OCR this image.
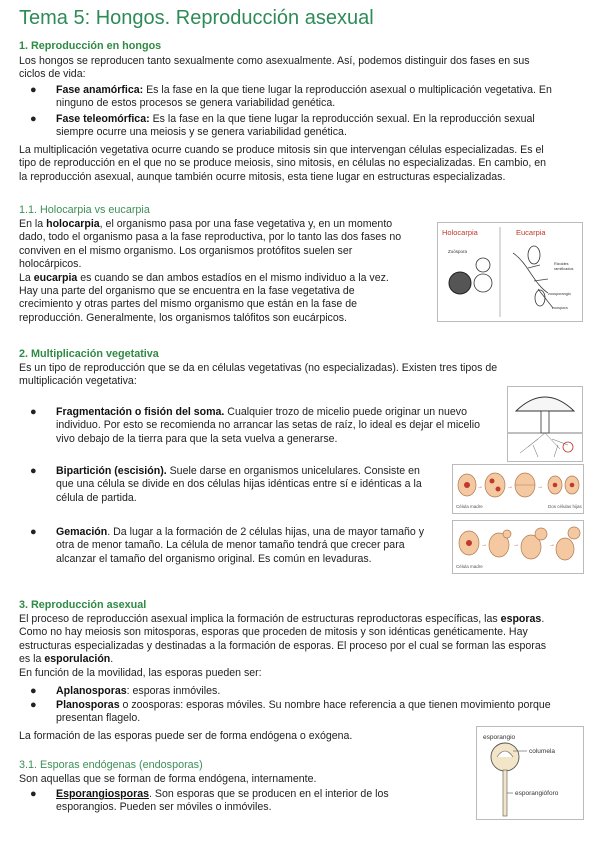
Tema 5: Hongos. Reproducción asexual
1. Reproducción en hongos
Los hongos se reproducen tanto sexualmente como asexualmente. Así, podemos distinguir dos fases en sus
ciclos de vida:
● Fase anamórfica: Es la fase en la que tiene lugar la reproducción asexual o multiplicación vegetativa. En
ninguno de estos procesos se genera variabilidad genética.
● Fase teleomórfica: Es la fase en la que tiene lugar la reproducción sexual. En la reproducción sexual
siempre ocurre una meiosis y se genera variabilidad genética.
La multiplicación vegetativa ocurre cuando se produce mitosis sin que intervengan células especializadas. Es el
tipo de reproducción en el que no se produce meiosis, sino mitosis, en células no especializadas. En cambio, en
la reproducción asexual, aunque también ocurre mitosis, esta tiene lugar en estructuras especializadas.
1.1. Holocarpia vs eucarpia
En la holocarpia, el organismo pasa por una fase vegetativa y, en un momento
dado, todo el organismo pasa a la fase reproductiva, por lo tanto las dos fases no
conviven en el mismo organismo. Los organismos protófitos suelen ser
holocárpicos.
La eucarpia es cuando se dan ambos estadíos en el mismo individuo a la vez.
Hay una parte del organismo que se encuentra en la fase vegetativa de
crecimiento y otras partes del mismo organismo que están en la fase de
reproducción. Generalmente, los organismos talófitos son eucárpicos.
Holocarpia	Eucarpia
Zoóspora
Rizoides
ramificados
zoosporangio
zoospora
2. Multiplicación vegetativa
Es un tipo de reproducción que se da en células vegetativas (no especializadas). Existen tres tipos de
multiplicación vegetativa:
● Fragmentación o fisión del soma. Cualquier trozo de micelio puede originar un nuevo
individuo. Por esto se recomienda no arrancar las setas de raíz, lo ideal es dejar el micelio
vivo debajo de la tierra para que la seta vuelva a generarse.
● Bipartición (escisión). Suele darse en organismos unicelulares. Consiste en
que una célula se divide en dos células hijas idénticas entre sí e idénticas a la
célula de partida.
→	→	→
Célula madre	Dos células hijas
● Gemación. Da lugar a la formación de 2 células hijas, una de mayor tamaño y
otra de menor tamaño. La célula de menor tamaño tendrá que crecer para
alcanzar el tamaño del organismo original. Es común en levaduras.
→	→	→
Célula madre
3. Reproducción asexual
El proceso de reproducción asexual implica la formación de estructuras reproductoras específicas, las esporas.
Como no hay meiosis son mitosporas, esporas que proceden de mitosis y son idénticas genéticamente. Hay
estructuras especializadas y destinadas a la formación de esporas. El proceso por el cual se forman las esporas
es la esporulación.
En función de la movilidad, las esporas pueden ser:
● Aplanosporas: esporas inmóviles.
● Planosporas o zoosporas: esporas móviles. Su nombre hace referencia a que tienen movimiento porque
presentan flagelo.
La formación de las esporas puede ser de forma endógena o exógena.
3.1. Esporas endógenas (endosporas)
Son aquellas que se forman de forma endógena, internamente.
● Esporangiosporas. Son esporas que se producen en el interior de los
esporangios. Pueden ser móviles o inmóviles.
esporangio
columela
esporangióforo
